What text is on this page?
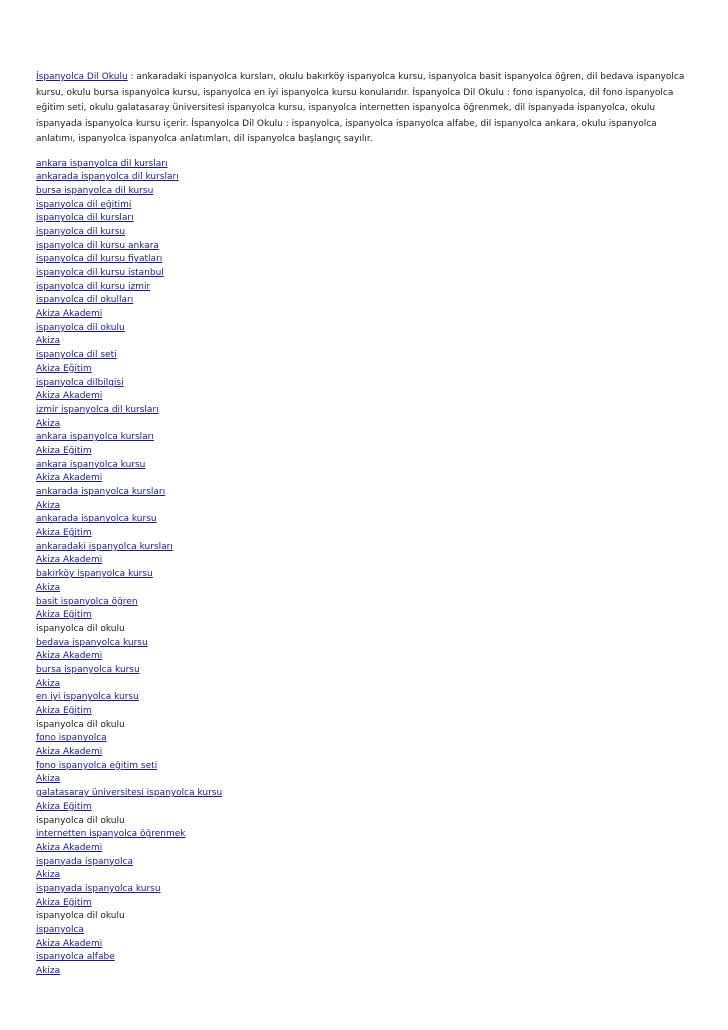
İspanyolca Dil Okulu : ankaradaki ispanyolca kursları, okulu bakırköy ispanyolca kursu, ispanyolca basit ispanyolca öğren, dil bedava ispanyolca kursu, okulu bursa ispanyolca kursu, ispanyolca en iyi ispanyolca kursu konularıdır. İspanyolca Dil Okulu : fono ispanyolca, dil fono ispanyolca eğitim seti, okulu galatasaray üniversitesi ispanyolca kursu, ispanyolca internetten ispanyolca öğrenmek, dil ispanyada ispanyolca, okulu ispanyada ispanyolca kursu içerir. İspanyolca Dil Okulu : ispanyolca, ispanyolca ispanyolca alfabe, dil ispanyolca ankara, okulu ispanyolca anlatımı, ispanyolca ispanyolca anlatımları, dil ispanyolca başlangıç sayılır.

ankara ispanyolca dil kursları
ankarada ispanyolca dil kursları
bursa ispanyolca dil kursu
ispanyolca dil eğitimi
ispanyolca dil kursları
ispanyolca dil kursu
ispanyolca dil kursu ankara
ispanyolca dil kursu fiyatları
ispanyolca dil kursu istanbul
ispanyolca dil kursu izmir
ispanyolca dil okulları
Akiza Akademi
ispanyolca dil okulu
Akiza
ispanyolca dil seti
Akiza Eğitim
ispanyolca dilbilgisi
Akiza Akademi
izmir ispanyolca dil kursları
Akiza
ankara ispanyolca kursları
Akiza Eğitim
ankara ispanyolca kursu
Akiza Akademi
ankarada ispanyolca kursları
Akiza
ankarada ispanyolca kursu
Akiza Eğitim
ankaradaki ispanyolca kursları
Akiza Akademi
bakırköy ispanyolca kursu
Akiza
basit ispanyolca öğren
Akiza Eğitim
ispanyolca dil okulu
bedava ispanyolca kursu
Akiza Akademi
bursa ispanyolca kursu
Akiza
en iyi ispanyolca kursu
Akiza Eğitim
ispanyolca dil okulu
fono ispanyolca
Akiza Akademi
fono ispanyolca eğitim seti
Akiza
galatasaray üniversitesi ispanyolca kursu
Akiza Eğitim
ispanyolca dil okulu
internetten ispanyolca öğrenmek
Akiza Akademi
ispanyada ispanyolca
Akiza
ispanyada ispanyolca kursu
Akiza Eğitim
ispanyolca dil okulu
ispanyolca
Akiza Akademi
ispanyolca alfabe
Akiza
